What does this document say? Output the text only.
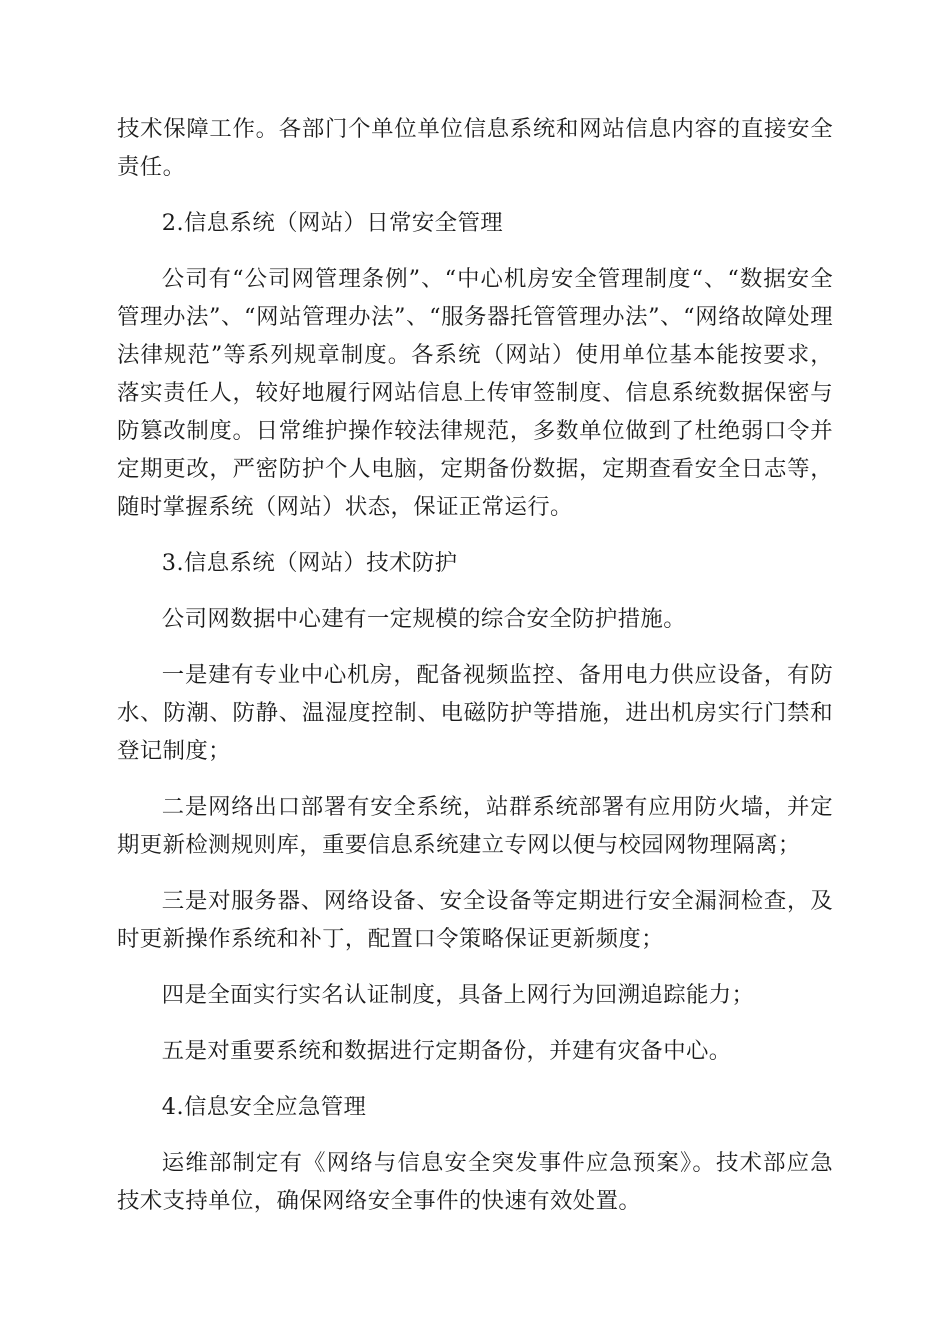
技术保障工作。各部门个单位单位信息系统和网站信息内容的直接安全责任。

2.信息系统（网站）日常安全管理

公司有“公司网管理条例”、“中心机房安全管理制度“、“数据安全管理办法”、“网站管理办法”、“服务器托管管理办法”、“网络故障处理法律规范”等系列规章制度。各系统（网站）使用单位基本能按要求，落实责任人，较好地履行网站信息上传审签制度、信息系统数据保密与防篡改制度。日常维护操作较法律规范，多数单位做到了杜绝弱口令并定期更改，严密防护个人电脑，定期备份数据，定期查看安全日志等，随时掌握系统（网站）状态，保证正常运行。

3.信息系统（网站）技术防护

公司网数据中心建有一定规模的综合安全防护措施。

一是建有专业中心机房，配备视频监控、备用电力供应设备，有防水、防潮、防静、温湿度控制、电磁防护等措施，进出机房实行门禁和登记制度；

二是网络出口部署有安全系统，站群系统部署有应用防火墙，并定期更新检测规则库，重要信息系统建立专网以便与校园网物理隔离；

三是对服务器、网络设备、安全设备等定期进行安全漏洞检查，及时更新操作系统和补丁，配置口令策略保证更新频度；

四是全面实行实名认证制度，具备上网行为回溯追踪能力；

五是对重要系统和数据进行定期备份，并建有灾备中心。

4.信息安全应急管理

运维部制定有《网络与信息安全突发事件应急预案》。技术部应急技术支持单位，确保网络安全事件的快速有效处置。
